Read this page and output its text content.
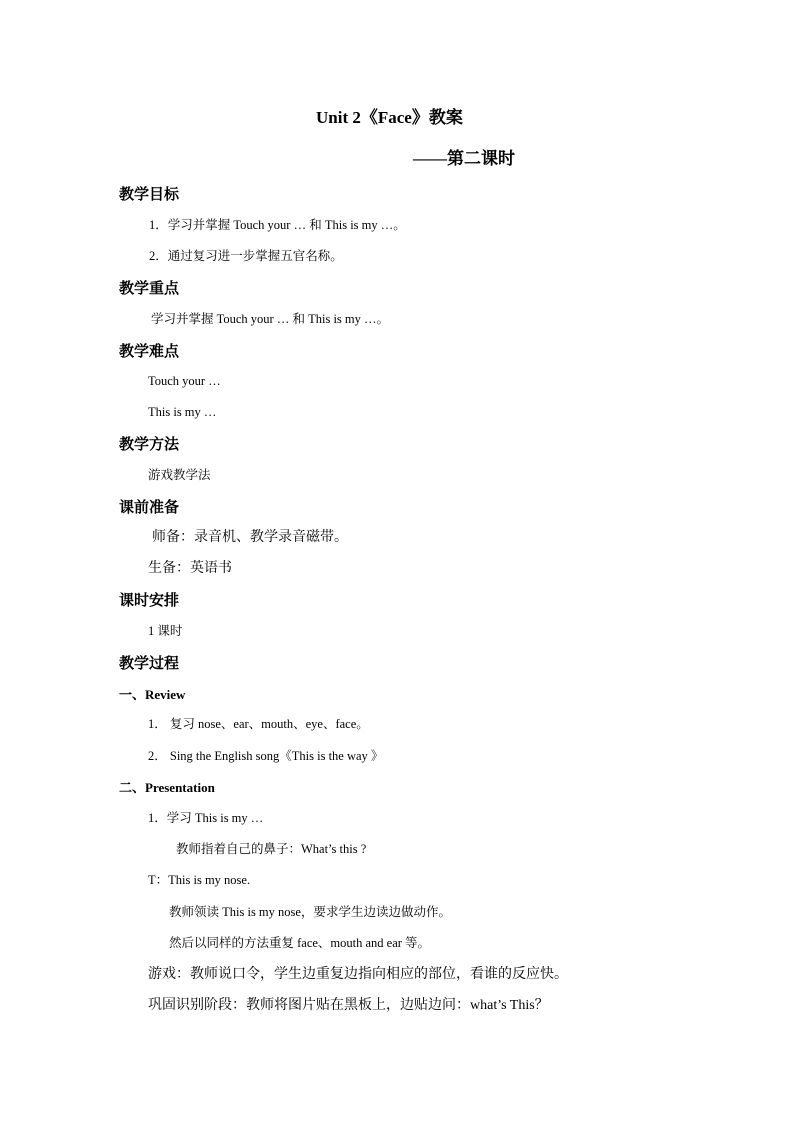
Unit 2《Face》教案
——第二课时
教学目标
1．学习并掌握 Touch your … 和 This is my …。
2．通过复习进一步掌握五官名称。
教学重点
学习并掌握 Touch your … 和 This is my …。
教学难点
Touch your …
This is my …
教学方法
游戏教学法
课前准备
师备：录音机、教学录音磁带。
生备：英语书
课时安排
1 课时
教学过程
一、Review
1． 复习 nose、ear、mouth、eye、face。
2． Sing the English song《This is the way 》
二、Presentation
1．学习 This is my …
教师指着自己的鼻子：What’s this ?
T：This is my nose.
教师领读 This is my nose，要求学生边读边做动作。
然后以同样的方法重复 face、mouth and ear 等。
游戏：教师说口令，学生边重复边指向相应的部位，看谁的反应快。
巩固识别阶段：教师将图片贴在黑板上，边贴边问：what’s This？
